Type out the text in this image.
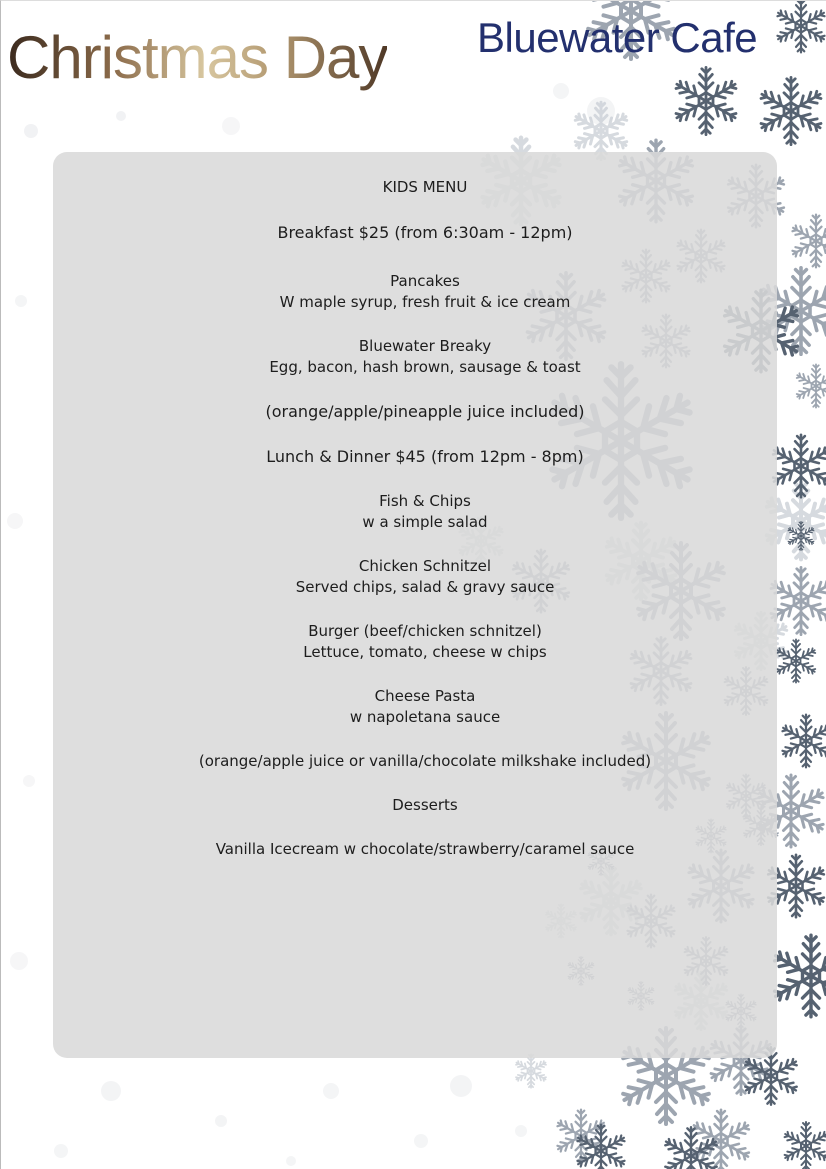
Christmas Day Bluewater Cafe
KIDS MENU
Breakfast $25 (from 6:30am - 12pm)
Pancakes
W maple syrup, fresh fruit & ice cream
Bluewater Breaky
Egg, bacon, hash brown, sausage & toast
(orange/apple/pineapple juice included)
Lunch & Dinner $45 (from 12pm - 8pm)
Fish & Chips
w a simple salad
Chicken Schnitzel
Served chips, salad & gravy sauce
Burger (beef/chicken schnitzel)
Lettuce, tomato, cheese w chips
Cheese Pasta
w napoletana sauce
(orange/apple juice or vanilla/chocolate milkshake included)
Desserts
Vanilla Icecream w chocolate/strawberry/caramel sauce
